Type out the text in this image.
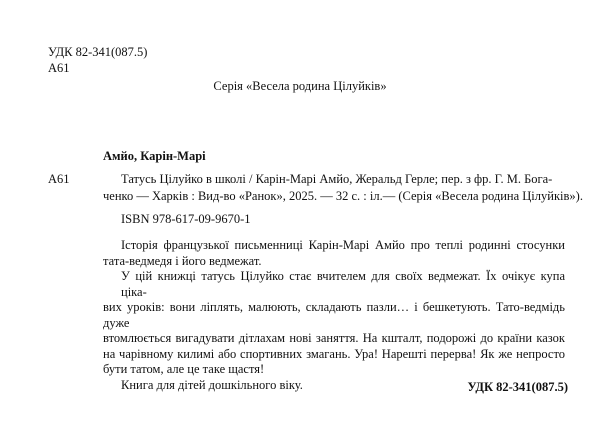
УДК 82-341(087.5)
А61
Серія «Весела родина Цілуйків»
Амйо, Карін-Марі
А61	Татусь Цілуйко в школі / Карін-Марі Амйо, Жеральд Герле; пер. з фр. Г. М. Бога-
ченко — Харків : Вид-во «Ранок», 2025. — 32 с. : іл.— (Серія «Весела родина Цілуйків»).
ISBN 978-617-09-9670-1

Історія французької письменниці Карін-Марі Амйо про теплі родинні стосунки
тата-ведмедя і його ведмежат.

У цій книжці татусь Цілуйко стає вчителем для своїх ведмежат. Їх очікує купа ціка-
вих уроків: вони ліплять, малюють, складають пазли… і бешкетують. Тато-ведмідь дуже
втомлюється вигадувати дітлахам нові заняття. На кшталт, подорожі до країни казок
на чарівному килимі або спортивних змагань. Ура! Нарешті перерва! Як же непросто
бути татом, але це таке щастя!

Книга для дітей дошкільного віку.	УДК 82-341(087.5)
